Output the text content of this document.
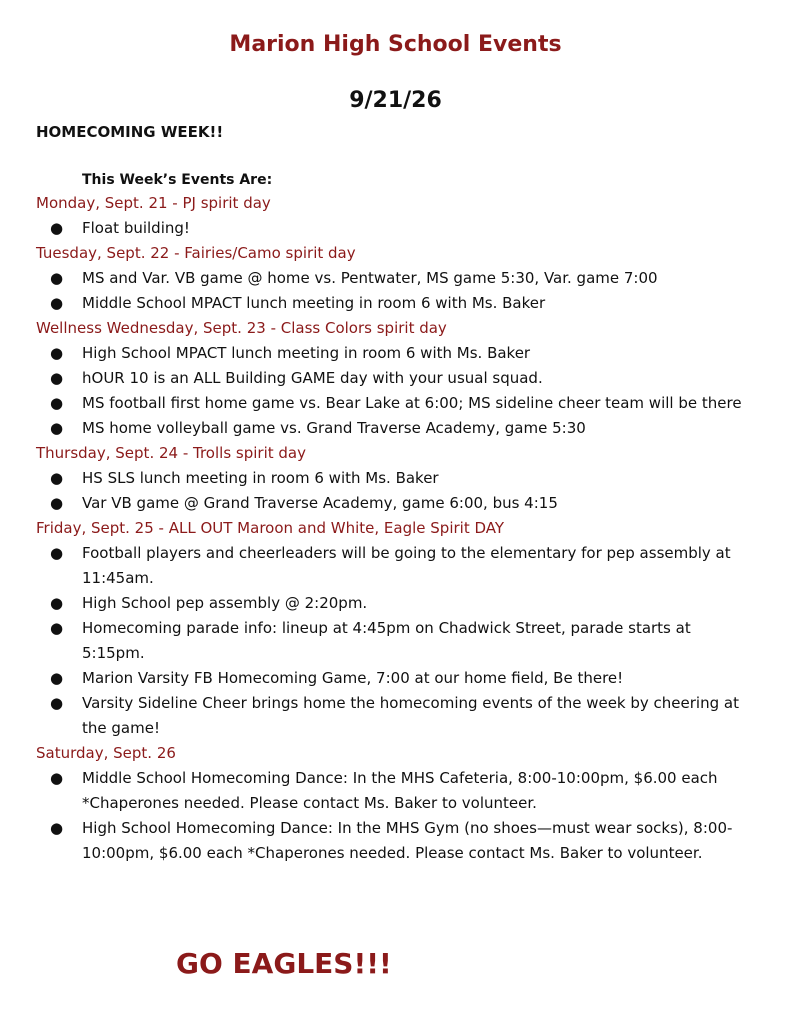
Marion High School Events
9/21/26
HOMECOMING WEEK!!
This Week’s Events Are:
Monday, Sept. 21 - PJ spirit day
● Float building!
Tuesday, Sept. 22 - Fairies/Camo spirit day
● MS and Var. VB game @ home vs. Pentwater, MS game 5:30, Var. game 7:00
● Middle School MPACT lunch meeting in room 6 with Ms. Baker
Wellness Wednesday, Sept. 23 - Class Colors spirit day
● High School MPACT lunch meeting in room 6 with Ms. Baker
● hOUR 10 is an ALL Building GAME day with your usual squad.
● MS football first home game vs. Bear Lake at 6:00; MS sideline cheer team will be there
● MS home volleyball game vs. Grand Traverse Academy, game 5:30
Thursday, Sept. 24 - Trolls spirit day
● HS SLS lunch meeting in room 6 with Ms. Baker
● Var VB game @ Grand Traverse Academy, game 6:00, bus 4:15
Friday, Sept. 25 - ALL OUT Maroon and White, Eagle Spirit DAY
● Football players and cheerleaders will be going to the elementary for pep assembly at 11:45am.
● High School pep assembly @ 2:20pm.
● Homecoming parade info: lineup at 4:45pm on Chadwick Street, parade starts at 5:15pm.
● Marion Varsity FB Homecoming Game, 7:00 at our home field, Be there!
● Varsity Sideline Cheer brings home the homecoming events of the week by cheering at the game!
Saturday, Sept. 26
● Middle School Homecoming Dance: In the MHS Cafeteria, 8:00-10:00pm, $6.00 each *Chaperones needed. Please contact Ms. Baker to volunteer.
● High School Homecoming Dance: In the MHS Gym (no shoes—must wear socks), 8:00-10:00pm, $6.00 each *Chaperones needed. Please contact Ms. Baker to volunteer.
GO EAGLES!!!
